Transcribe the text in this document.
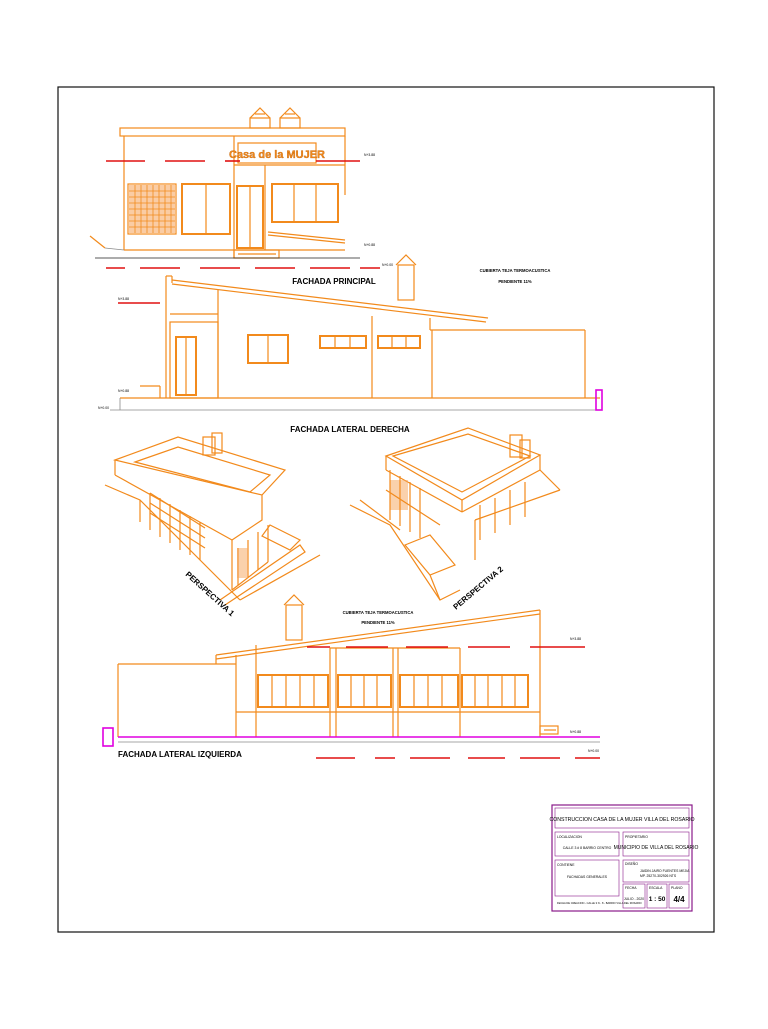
Casa de la MUJER	N+3.88
N+0.88
N+0.00
FACHADA PRINCIPAL
N+3.88
N+0.88
N+0.00
CUBIERTA TEJA TERMOACUSTICA
PENDIENTE 11%
FACHADA LATERAL DERECHA
PERSPECTIVA 1	PERSPECTIVA 2
N+3.88
N+0.88
N+0.00
CUBIERTA TEJA TERMOACUSTICA
PENDIENTE 11%
FACHADA LATERAL IZQUIERDA
CONSTRUCCION CASA DE LA MUJER VILLA DEL ROSARIO
LOCALIZACION
CALLE 3 # 8 BARRIO CENTRO
PROPIETARIO
MUNICIPIO DE VILLA DEL ROSARIO
CONTIENE
FACHADAS GENERALES
DISEÑO
JAIDIN JAIRO FUENTES MEJIA
MP. 25270-302926 NTS
FECHA
JULIO - 2020
ESCALA
1 : 50
PLANO
4/4
FECHA DE CREACION - CALLE 3 N - 8 - BARRIO VILLA DEL ROSARIO
